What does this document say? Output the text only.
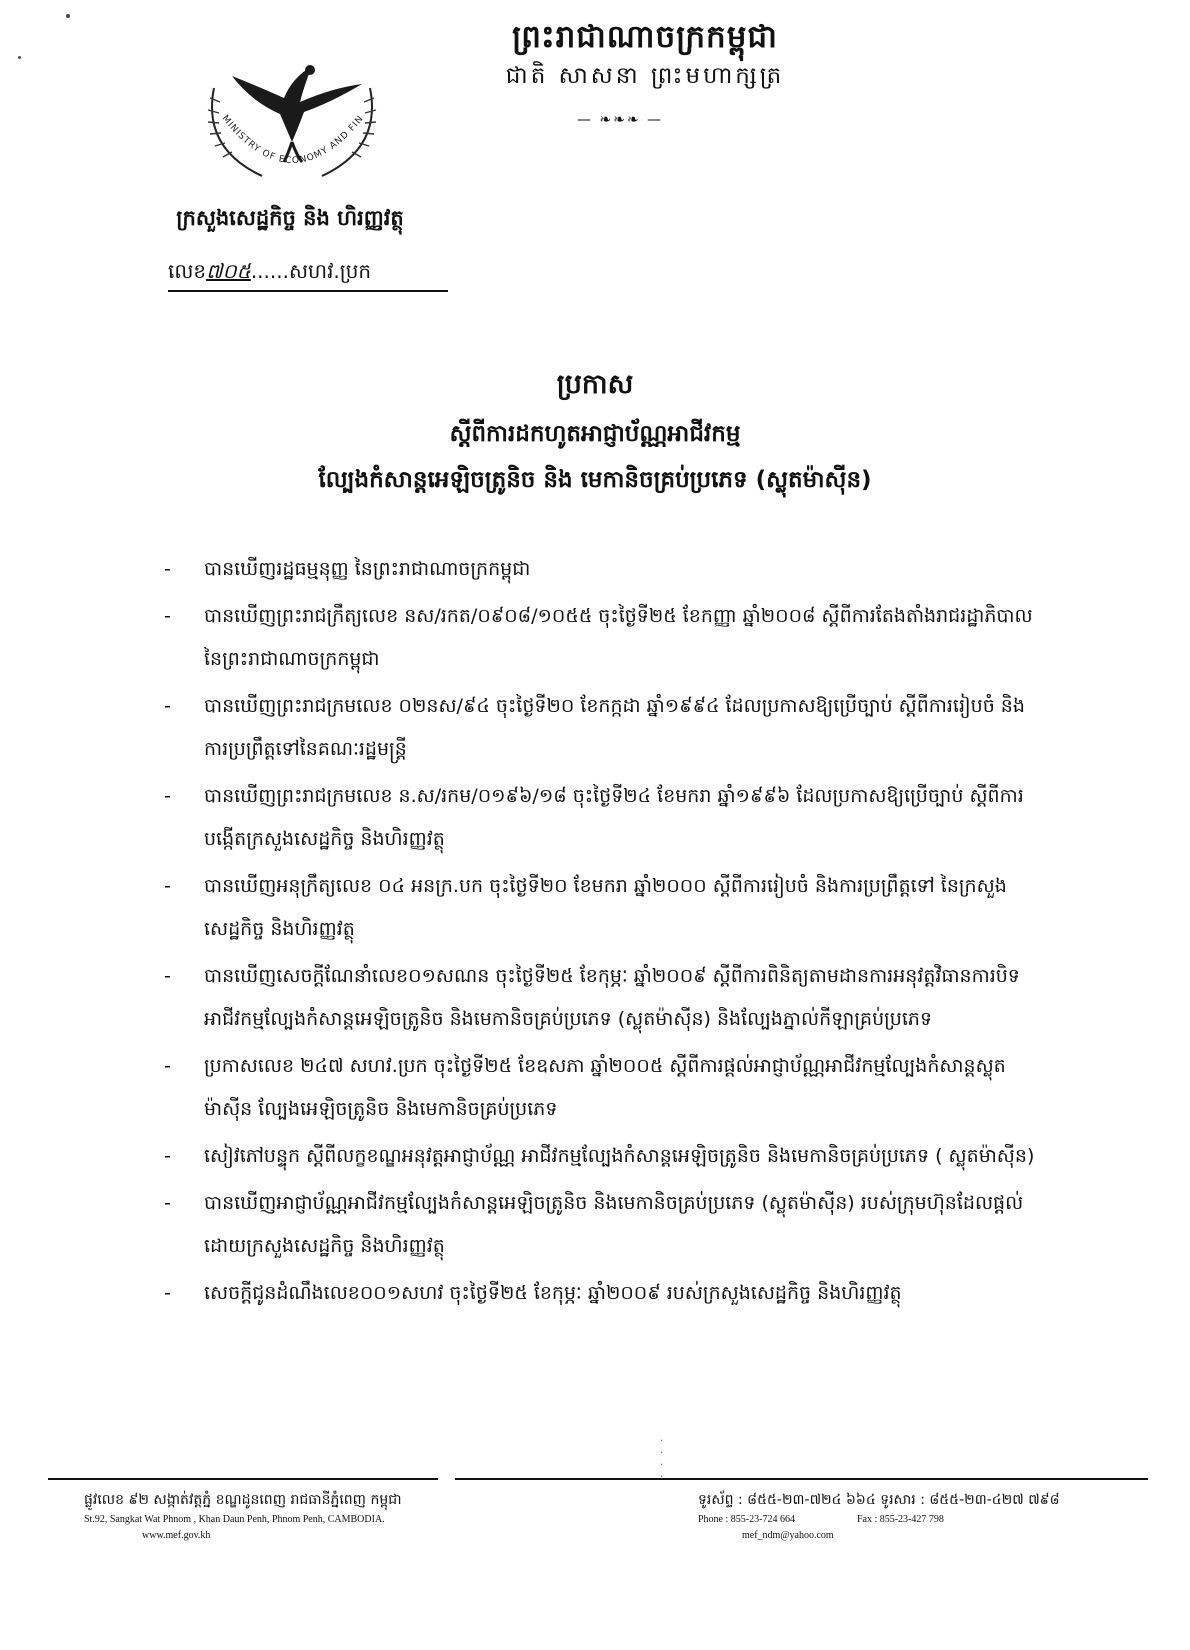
ព្រះរាជាណាចក្រកម្ពុជា
ជាតិ សាសនា ព្រះមហាក្សត្រ
— ❧❧❧ —
MINISTRY OF ECONOMY AND FIN
ក្រសួងសេដ្ឋកិច្ច និង ហិរញ្ញវត្ថុ
លេខ៧០៥......សហវ.ប្រក
ប្រកាស
ស្តីពីការដកហូតអាជ្ញាប័ណ្ណអាជីវកម្ម
ល្បែងកំសាន្តអេឡិចត្រូនិច និង មេកានិចគ្រប់ប្រភេទ (ស្លុតម៉ាស៊ីន)
- បានឃើញរដ្ឋធម្មនុញ្ញ នៃព្រះរាជាណាចក្រកម្ពុជា
- បានឃើញព្រះរាជក្រឹត្យលេខ នស/រកត/០៩០៨/១០៥៥ ចុះថ្ងៃទី២៥ ខែកញ្ញា ឆ្នាំ២០០៨ ស្តីពីការតែងតាំងរាជរដ្ឋាភិបាល នៃព្រះរាជាណាចក្រកម្ពុជា
- បានឃើញព្រះរាជក្រមលេខ ០២នស/៩៤ ចុះថ្ងៃទី២០ ខែកក្កដា ឆ្នាំ១៩៩៤ ដែលប្រកាសឱ្យប្រើច្បាប់ ស្តីពីការរៀបចំ និងការប្រព្រឹត្តទៅនៃគណៈរដ្ឋមន្ត្រី
- បានឃើញព្រះរាជក្រមលេខ ន.ស/រកម/០១៩៦/១៨ ចុះថ្ងៃទី២៤ ខែមករា ឆ្នាំ១៩៩៦ ដែលប្រកាសឱ្យប្រើច្បាប់ ស្តីពីការបង្កើតក្រសួងសេដ្ឋកិច្ច និងហិរញ្ញវត្ថុ
- បានឃើញអនុក្រឹត្យលេខ ០៤ អនក្រ.បក ចុះថ្ងៃទី២០ ខែមករា ឆ្នាំ២០០០ ស្តីពីការរៀបចំ និងការប្រព្រឹត្តទៅ នៃក្រសួងសេដ្ឋកិច្ច និងហិរញ្ញវត្ថុ
- បានឃើញសេចក្តីណែនាំលេខ០១សណន ចុះថ្ងៃទី២៥ ខែកុម្ភៈ ឆ្នាំ២០០៩ ស្តីពីការពិនិត្យតាមដានការអនុវត្តវិធានការបិទអាជីវកម្មល្បែងកំសាន្តអេឡិចត្រូនិច និងមេកានិចគ្រប់ប្រភេទ (ស្លុតម៉ាស៊ីន) និងល្បែងភ្នាល់កីឡាគ្រប់ប្រភេទ
- ប្រកាសលេខ ២៤៧ សហវ.ប្រក ចុះថ្ងៃទី២៥ ខែឧសភា ឆ្នាំ២០០៥ ស្តីពីការផ្តល់អាជ្ញាប័ណ្ណអាជីវកម្មល្បែងកំសាន្តស្លុតម៉ាស៊ីន ល្បែងអេឡិចត្រូនិច និងមេកានិចគ្រប់ប្រភេទ
- សៀវភៅបន្ទុក ស្តីពីលក្ខខណ្ឌអនុវត្តអាជ្ញាប័ណ្ណ អាជីវកម្មល្បែងកំសាន្តអេឡិចត្រូនិច និងមេកានិចគ្រប់ប្រភេទ ( ស្លុតម៉ាស៊ីន)
- បានឃើញអាជ្ញាប័ណ្ណអាជីវកម្មល្បែងកំសាន្តអេឡិចត្រូនិច និងមេកានិចគ្រប់ប្រភេទ (ស្លុតម៉ាស៊ីន) របស់ក្រុមហ៊ុនដែលផ្តល់ដោយក្រសួងសេដ្ឋកិច្ច និងហិរញ្ញវត្ថុ
- សេចក្តីជូនដំណឹងលេខ០០១សហវ ចុះថ្ងៃទី២៥ ខែកុម្ភៈ ឆ្នាំ២០០៩ របស់ក្រសួងសេដ្ឋកិច្ច និងហិរញ្ញវត្ថុ
·
·
·
·
ផ្លូវលេខ ៩២ សង្កាត់វត្តភ្នំ ខណ្ឌដូនពេញ រាជធានីភ្នំពេញ កម្ពុជា
St.92, Sangkat Wat Phnom , Khan Daun Penh, Phnom Penh, CAMBODIA.
www.mef.gov.kh
ទូរស័ព្ទ : ៨៥៥-២៣-៧២៤ ៦៦៤ ទូរសារ : ៨៥៥-២៣-៤២៧ ៧៩៨
Phone : 855-23-724 664	Fax : 855-23-427 798
mef_ndm@yahoo.com
